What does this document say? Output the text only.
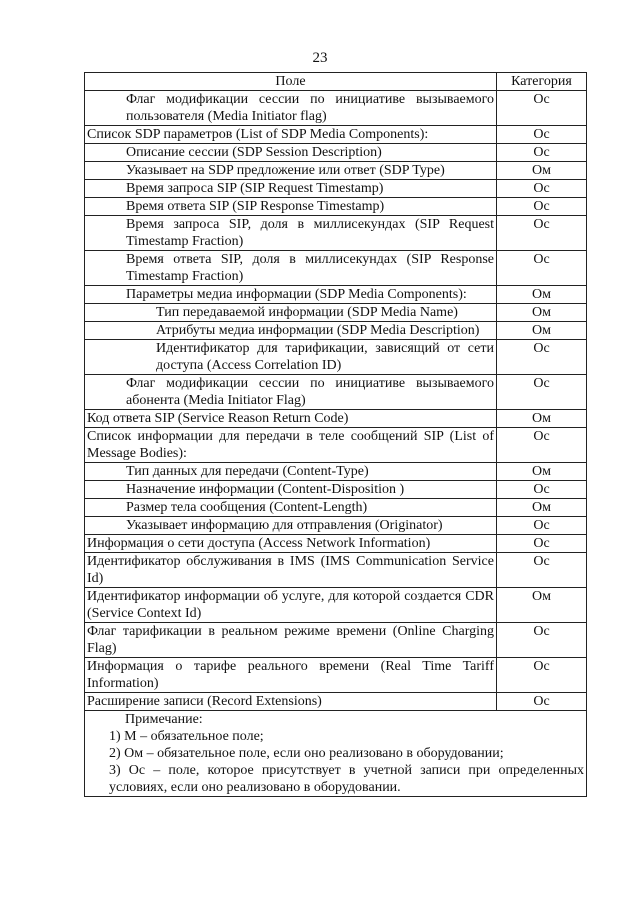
23
Поле	Категория
Флаг модификации сессии по инициативе вызываемого пользователя (Media Initiator flag)	Oc
Список SDP параметров (List of SDP Media Components):	Oc
Описание сессии (SDP Session Description)	Oc
Указывает на SDP предложение или ответ (SDP Type)	Ом
Время запроса SIP (SIP Request Timestamp)	Oc
Время ответа SIP (SIP Response Timestamp)	Oc
Время запроса SIP, доля в миллисекундах (SIP Request Timestamp Fraction)	Oc
Время ответа SIP, доля в миллисекундах (SIP Response Timestamp Fraction)	Oc
Параметры медиа информации (SDP Media Components):	Ом
Тип передаваемой информации (SDP Media Name)	Ом
Атрибуты медиа информации (SDP Media Description)	Ом
Идентификатор для тарификации, зависящий от сети доступа (Access Correlation ID)	Oc
Флаг модификации сессии по инициативе вызываемого абонента (Media Initiator Flag)	Oc
Код ответа SIP (Service Reason Return Code)	Ом
Список информации для передачи в теле сообщений SIP (List of Message Bodies):	Oc
Тип данных для передачи (Content-Type)	Ом
Назначение информации (Content-Disposition )	Oc
Размер тела сообщения (Content-Length)	Ом
Указывает информацию для отправления (Originator)	Oc
Информация о сети доступа (Access Network Information)	Oc
Идентификатор обслуживания в IMS (IMS Communication Service Id)	Oc
Идентификатор информации об услуге, для которой создается CDR (Service Context Id)	Ом
Флаг тарификации в реальном режиме времени (Online Charging Flag)	Oc
Информация о тарифе реального времени (Real Time Tariff Information)	Oc
Расширение записи (Record Extensions)	Oc

Примечание:
1) М – обязательное поле;
2) Ом – обязательное поле, если оно реализовано в оборудовании;
3) Ос – поле, которое присутствует в учетной записи при определенных условиях, если оно реализовано в оборудовании.	
